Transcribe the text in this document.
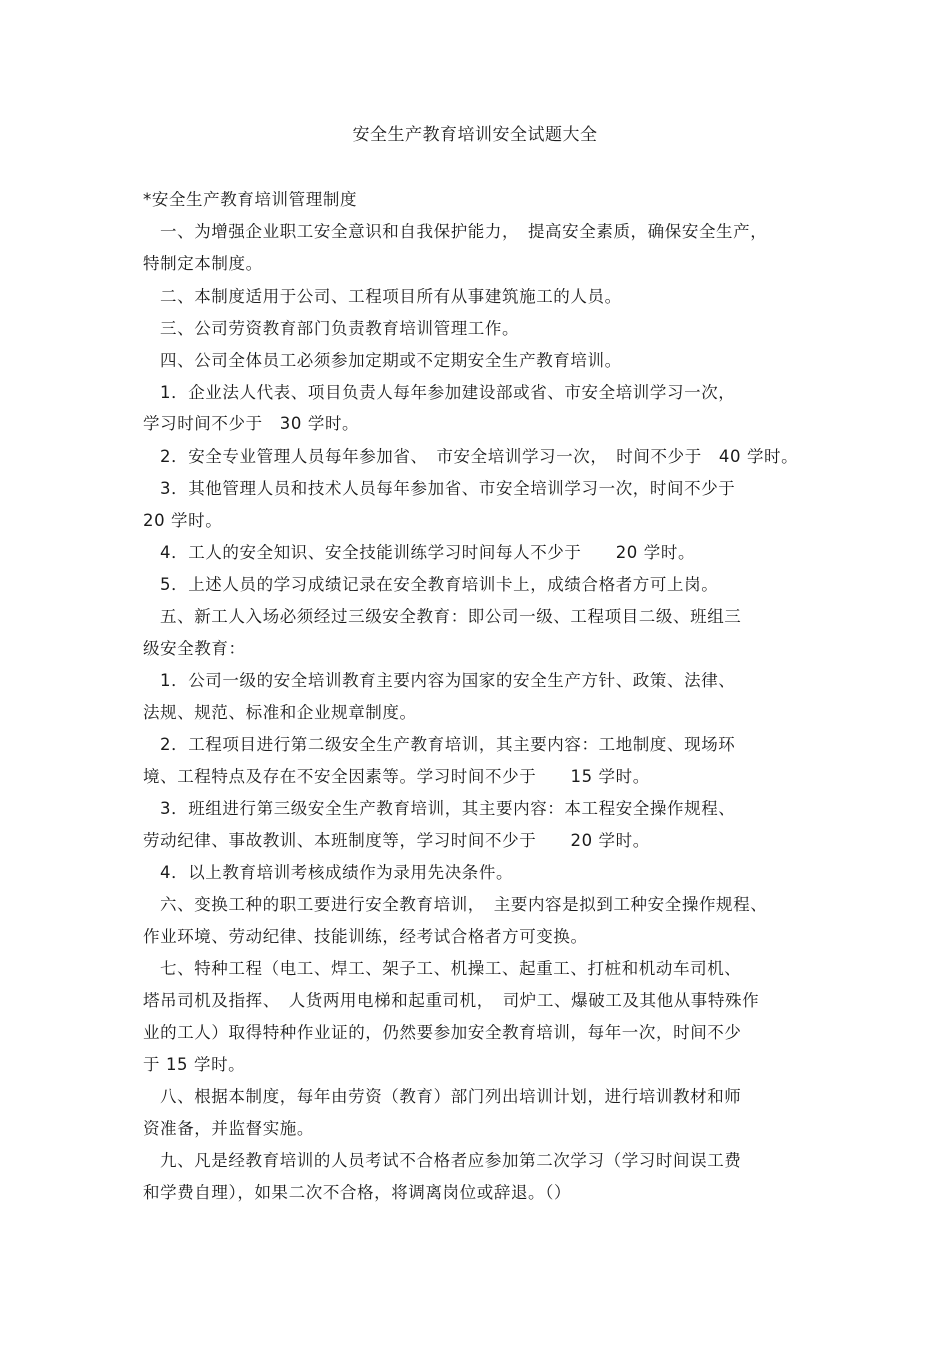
安全生产教育培训安全试题大全
*安全生产教育培训管理制度
一、为增强企业职工安全意识和自我保护能力，　提高安全素质，确保安全生产，
特制定本制度。
二、本制度适用于公司、工程项目所有从事建筑施工的人员。
三、公司劳资教育部门负责教育培训管理工作。
四、公司全体员工必须参加定期或不定期安全生产教育培训。
1．企业法人代表、项目负责人每年参加建设部或省、市安全培训学习一次，
学习时间不少于　30 学时。
2．安全专业管理人员每年参加省、　市安全培训学习一次，　时间不少于　40 学时。
3．其他管理人员和技术人员每年参加省、市安全培训学习一次，时间不少于
20 学时。
4．工人的安全知识、安全技能训练学习时间每人不少于　　20 学时。
5．上述人员的学习成绩记录在安全教育培训卡上，成绩合格者方可上岗。
五、新工人入场必须经过三级安全教育：即公司一级、工程项目二级、班组三
级安全教育：
1．公司一级的安全培训教育主要内容为国家的安全生产方针、政策、法律、
法规、规范、标准和企业规章制度。
2．工程项目进行第二级安全生产教育培训，其主要内容：工地制度、现场环
境、工程特点及存在不安全因素等。学习时间不少于　　15 学时。
3．班组进行第三级安全生产教育培训，其主要内容：本工程安全操作规程、
劳动纪律、事故教训、本班制度等，学习时间不少于　　20 学时。
4．以上教育培训考核成绩作为录用先决条件。
六、变换工种的职工要进行安全教育培训，　主要内容是拟到工种安全操作规程、
作业环境、劳动纪律、技能训练，经考试合格者方可变换。
七、特种工程（电工、焊工、架子工、机操工、起重工、打桩和机动车司机、
塔吊司机及指挥、　人货两用电梯和起重司机，　司炉工、爆破工及其他从事特殊作
业的工人）取得特种作业证的，仍然要参加安全教育培训，每年一次，时间不少
于 15 学时。
八、根据本制度，每年由劳资（教育）部门列出培训计划，进行培训教材和师
资准备，并监督实施。
九、凡是经教育培训的人员考试不合格者应参加第二次学习（学习时间误工费
和学费自理），如果二次不合格，将调离岗位或辞退。（）
